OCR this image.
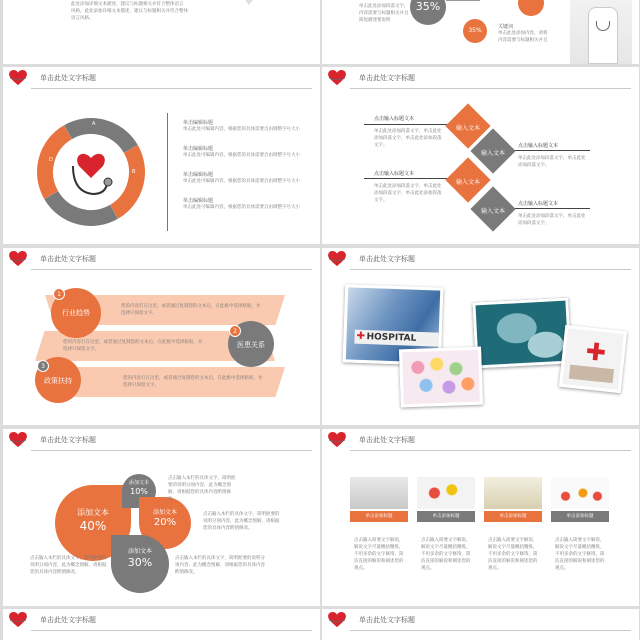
此处添加详细文本描述，建议与标题相关并符合整体语言
风格，此处添加详细文本描述，建议与标题相关并符合整体
语言风格。
单击此处添加段落文字，
内容需要与标题相关并且
简短描述要说明
35%
35%	关键词
单击此处添加内容，请将
内容需要与标题相关并且
单击此处文字标题
A
B
C
D
单击编辑标题
单击此处可编辑内容，根据您的具体需要自由调整字号大小
单击编辑标题
单击此处可编辑内容，根据您的具体需要自由调整字号大小
单击编辑标题
单击此处可编辑内容，根据您的具体需要自由调整字号大小
单击编辑标题
单击此处可编辑内容，根据您的具体需要自由调整字号大小
单击此处文字标题
点击输入标题文本
单击此处添加段落文字，单击此处添加段落文字，单击此处添加段落文字。
点击输入标题文本
单击此处添加段落文字，单击此处添加段落文字，单击此处添加段落文字。
点击输入标题文本
单击此处添加段落文字，单击此处添加段落文字。
点击输入标题文本
单击此处添加段落文字，单击此处添加段落文字。
输入文本
输入文本
输入文本
输入文本
单击此处文字标题
1
行业趋势
您的内容打在这里，或者通过复制您的文本后，在此框中选择粘贴，并选择只保留文字。
2
医患关系
您的内容打在这里，或者通过复制您的文本后，在此框中选择粘贴，并选择只保留文字。
3
政策扶持	您的内容打在这里，或者通过复制您的文本后，在此框中选择粘贴，并选择只保留文字。
单击此处文字标题
✚ HOSPITAL	✚
单击此处文字标题
添加文本
40%
添加文本
10%
添加文本
20%
添加文本
30%
点击输入本栏的具体文字，简明扼要的说明分项内容，此为概念图解，请根据您的具体内容酌情修改。
点击输入本栏的具体文字，简明扼要的说明分项内容，此为概念图解，请根据您的具体内容酌情修改。
点击输入本栏的具体文字，简明扼要的说明分项内容，此为概念图解，请根据您的具体内容酌情修改。
点击输入本栏的具体文字，简明扼要的说明分项内容，此为概念图解，请根据您的具体内容酌情修改。
单击此处文字标题
单击添加标题
点击输入简要文字解说，解说文字尽量概括精炼，不用多余的文字修饰，简洁直接的解说和阐述您的观点。
单击添加标题
点击输入简要文字解说，解说文字尽量概括精炼，不用多余的文字修饰，简洁直接的解说和阐述您的观点。
单击添加标题
点击输入简要文字解说，解说文字尽量概括精炼，不用多余的文字修饰，简洁直接的解说和阐述您的观点。
单击添加标题
点击输入简要文字解说，解说文字尽量概括精炼，不用多余的文字修饰，简洁直接的解说和阐述您的观点。
单击此处文字标题	单击此处文字标题
